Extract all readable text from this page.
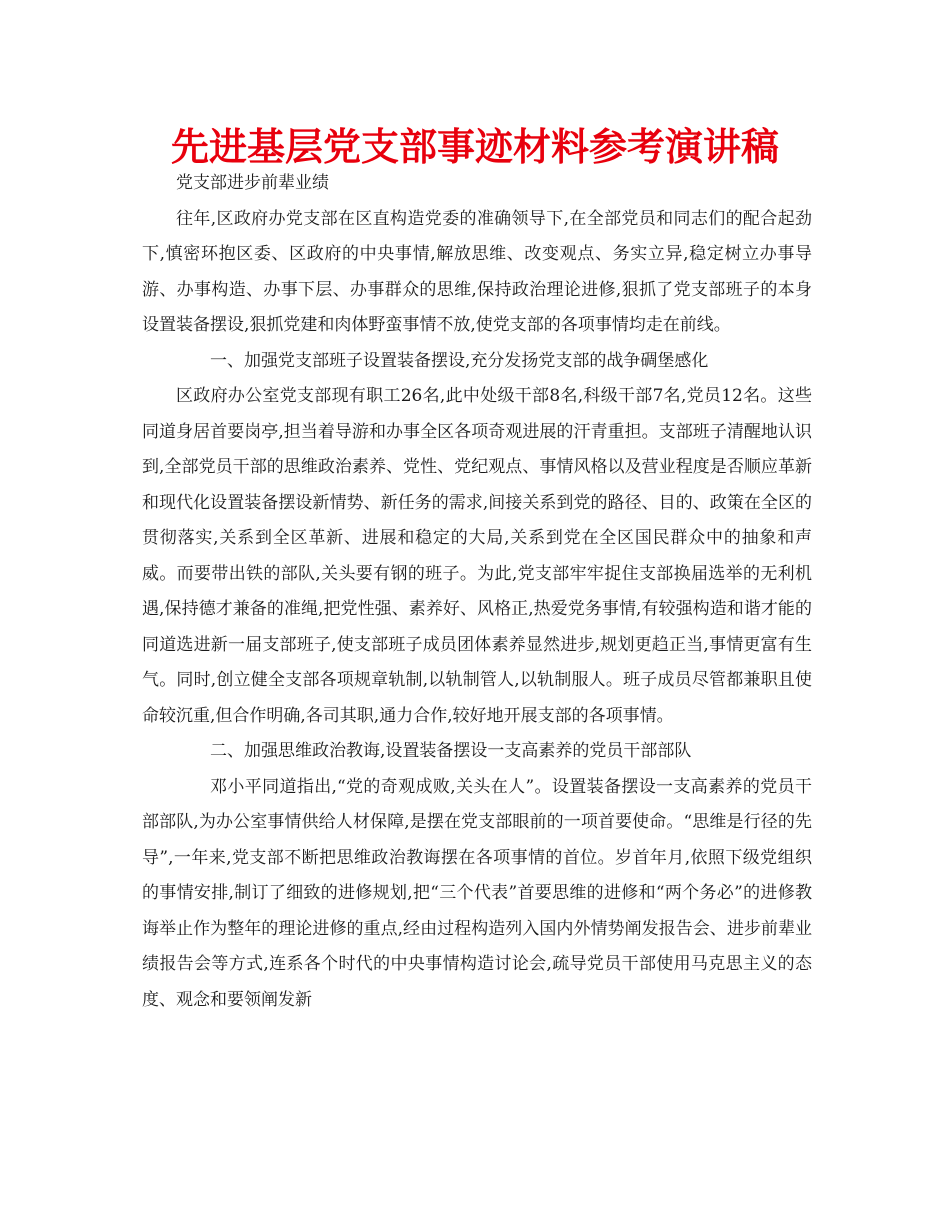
先进基层党支部事迹材料参考演讲稿

党支部进步前辈业绩

往年,区政府办党支部在区直构造党委的准确领导下,在全部党员和同志们的配合起劲下,慎密环抱区委、区政府的中央事情,解放思维、改变观点、务实立异,稳定树立办事导游、办事构造、办事下层、办事群众的思维,保持政治理论进修,狠抓了党支部班子的本身设置装备摆设,狠抓党建和肉体野蛮事情不放,使党支部的各项事情均走在前线。

一、加强党支部班子设置装备摆设,充分发扬党支部的战争碉堡感化

区政府办公室党支部现有职工26名,此中处级干部8名,科级干部7名,党员12名。这些同道身居首要岗亭,担当着导游和办事全区各项奇观进展的汗青重担。支部班子清醒地认识到,全部党员干部的思维政治素养、党性、党纪观点、事情风格以及营业程度是否顺应革新和现代化设置装备摆设新情势、新任务的需求,间接关系到党的路径、目的、政策在全区的贯彻落实,关系到全区革新、进展和稳定的大局,关系到党在全区国民群众中的抽象和声威。而要带出铁的部队,关头要有钢的班子。为此,党支部牢牢捉住支部换届选举的无利机遇,保持德才兼备的准绳,把党性强、素养好、风格正,热爱党务事情,有较强构造和谐才能的同道选进新一届支部班子,使支部班子成员团体素养显然进步,规划更趋正当,事情更富有生气。同时,创立健全支部各项规章轨制,以轨制管人,以轨制服人。班子成员尽管都兼职且使命较沉重,但合作明确,各司其职,通力合作,较好地开展支部的各项事情。

二、加强思维政治教诲,设置装备摆设一支高素养的党员干部部队

邓小平同道指出,“党的奇观成败,关头在人”。设置装备摆设一支高素养的党员干部部队,为办公室事情供给人材保障,是摆在党支部眼前的一项首要使命。“思维是行径的先导”,一年来,党支部不断把思维政治教诲摆在各项事情的首位。岁首年月,依照下级党组织的事情安排,制订了细致的进修规划,把“三个代表”首要思维的进修和“两个务必”的进修教诲举止作为整年的理论进修的重点,经由过程构造列入国内外情势阐发报告会、进步前辈业绩报告会等方式,连系各个时代的中央事情构造讨论会,疏导党员干部使用马克思主义的态度、观念和要领阐发新
